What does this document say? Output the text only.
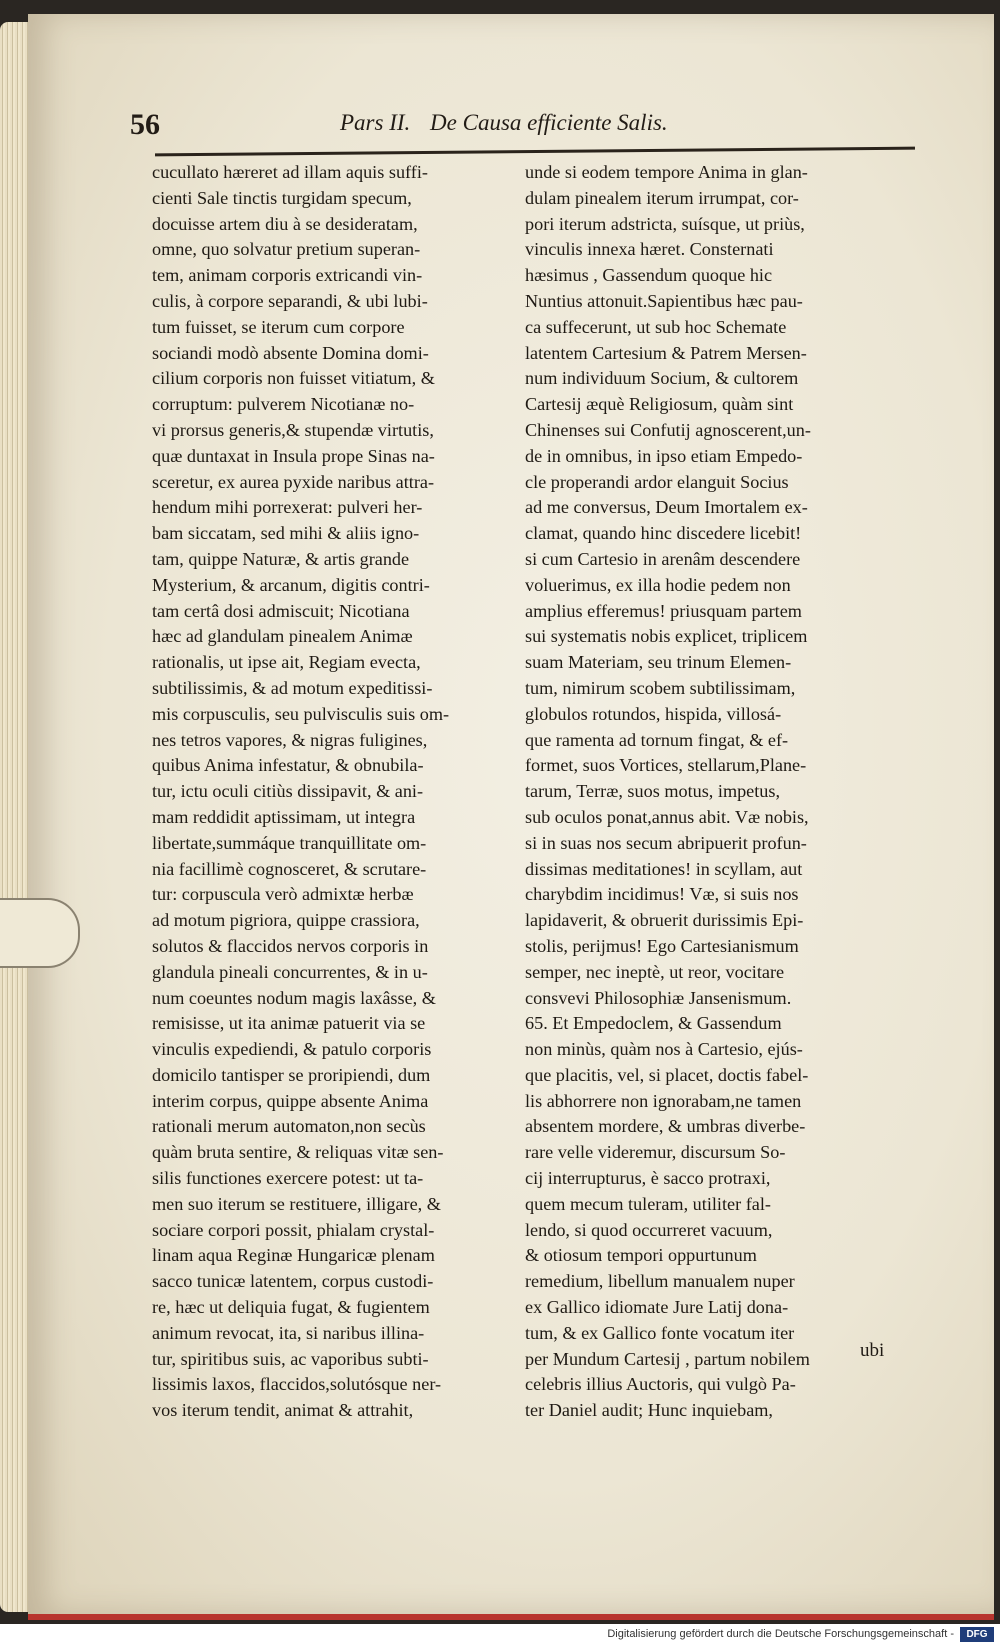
56	Pars II. De Causa efficiente Salis.
cucullato hæreret ad illam aquis suffi-
cienti Sale tinctis turgidam specum,
docuisse artem diu à se desideratam,
omne, quo solvatur pretium superan-
tem, animam corporis extricandi vin-
culis, à corpore separandi, & ubi lubi-
tum fuisset, se iterum cum corpore
sociandi modò absente Domina domi-
cilium corporis non fuisset vitiatum, &
corruptum: pulverem Nicotianæ no-
vi prorsus generis,& stupendæ virtutis,
quæ duntaxat in Insula prope Sinas na-
sceretur, ex aurea pyxide naribus attra-
hendum mihi porrexerat: pulveri her-
bam siccatam, sed mihi & aliis igno-
tam, quippe Naturæ, & artis grande
Mysterium, & arcanum, digitis contri-
tam certâ dosi admiscuit; Nicotiana
hæc ad glandulam pinealem Animæ
rationalis, ut ipse ait, Regiam evecta,
subtilissimis, & ad motum expeditissi-
mis corpusculis, seu pulvisculis suis om-
nes tetros vapores, & nigras fuligines,
quibus Anima infestatur, & obnubila-
tur, ictu oculi citiùs dissipavit, & ani-
mam reddidit aptissimam, ut integra
libertate,summáque tranquillitate om-
nia facillimè cognosceret, & scrutare-
tur: corpuscula verò admixtæ herbæ
ad motum pigriora, quippe crassiora,
solutos & flaccidos nervos corporis in
glandula pineali concurrentes, & in u-
num coeuntes nodum magis laxâsse, &
remisisse, ut ita animæ patuerit via se
vinculis expediendi, & patulo corporis
domicilo tantisper se proripiendi, dum
interim corpus, quippe absente Anima
rationali merum automaton,non secùs
quàm bruta sentire, & reliquas vitæ sen-
silis functiones exercere potest: ut ta-
men suo iterum se restituere, illigare, &
sociare corpori possit, phialam crystal-
linam aqua Reginæ Hungaricæ plenam
sacco tunicæ latentem, corpus custodi-
re, hæc ut deliquia fugat, & fugientem
animum revocat, ita, si naribus illina-
tur, spiritibus suis, ac vaporibus subti-
lissimis laxos, flaccidos,solutósque ner-
vos iterum tendit, animat & attrahit,
unde si eodem tempore Anima in glan-
dulam pinealem iterum irrumpat, cor-
pori iterum adstricta, suísque, ut priùs,
vinculis innexa hæret. Consternati
hæsimus , Gassendum quoque hic
Nuntius attonuit.Sapientibus hæc pau-
ca suffecerunt, ut sub hoc Schemate
latentem Cartesium & Patrem Mersen-
num individuum Socium, & cultorem
Cartesij æquè Religiosum, quàm sint
Chinenses sui Confutij agnoscerent,un-
de in omnibus, in ipso etiam Empedo-
cle properandi ardor elanguit Socius
ad me conversus, Deum Imortalem ex-
clamat, quando hinc discedere licebit!
si cum Cartesio in arenâm descendere
voluerimus, ex illa hodie pedem non
amplius efferemus! priusquam partem
sui systematis nobis explicet, triplicem
suam Materiam, seu trinum Elemen-
tum, nimirum scobem subtilissimam,
globulos rotundos, hispida, villosá-
que ramenta ad tornum fingat, & ef-
formet, suos Vortices, stellarum,Plane-
tarum, Terræ, suos motus, impetus,
sub oculos ponat,annus abit. Væ nobis,
si in suas nos secum abripuerit profun-
dissimas meditationes! in scyllam, aut
charybdim incidimus! Væ, si suis nos
lapidaverit, & obruerit durissimis Epi-
stolis, perijmus! Ego Cartesianismum
semper, nec ineptè, ut reor, vocitare
consvevi Philosophiæ Jansenismum.
65. Et Empedoclem, & Gassendum
non minùs, quàm nos à Cartesio, ejús-
que placitis, vel, si placet, doctis fabel-
lis abhorrere non ignorabam,ne tamen
absentem mordere, & umbras diverbe-
rare velle videremur, discursum So-
cij interrupturus, è sacco protraxi,
quem mecum tuleram, utiliter fal-
lendo, si quod occurreret vacuum,
& otiosum tempori oppurtunum
remedium, libellum manualem nuper
ex Gallico idiomate Jure Latij dona-
tum, & ex Gallico fonte vocatum iter
per Mundum Cartesij , partum nobilem
celebris illius Auctoris, qui vulgò Pa-
ter Daniel audit; Hunc inquiebam,
ubi
Digitalisierung gefördert durch die Deutsche Forschungsgemeinschaft -	DFG
